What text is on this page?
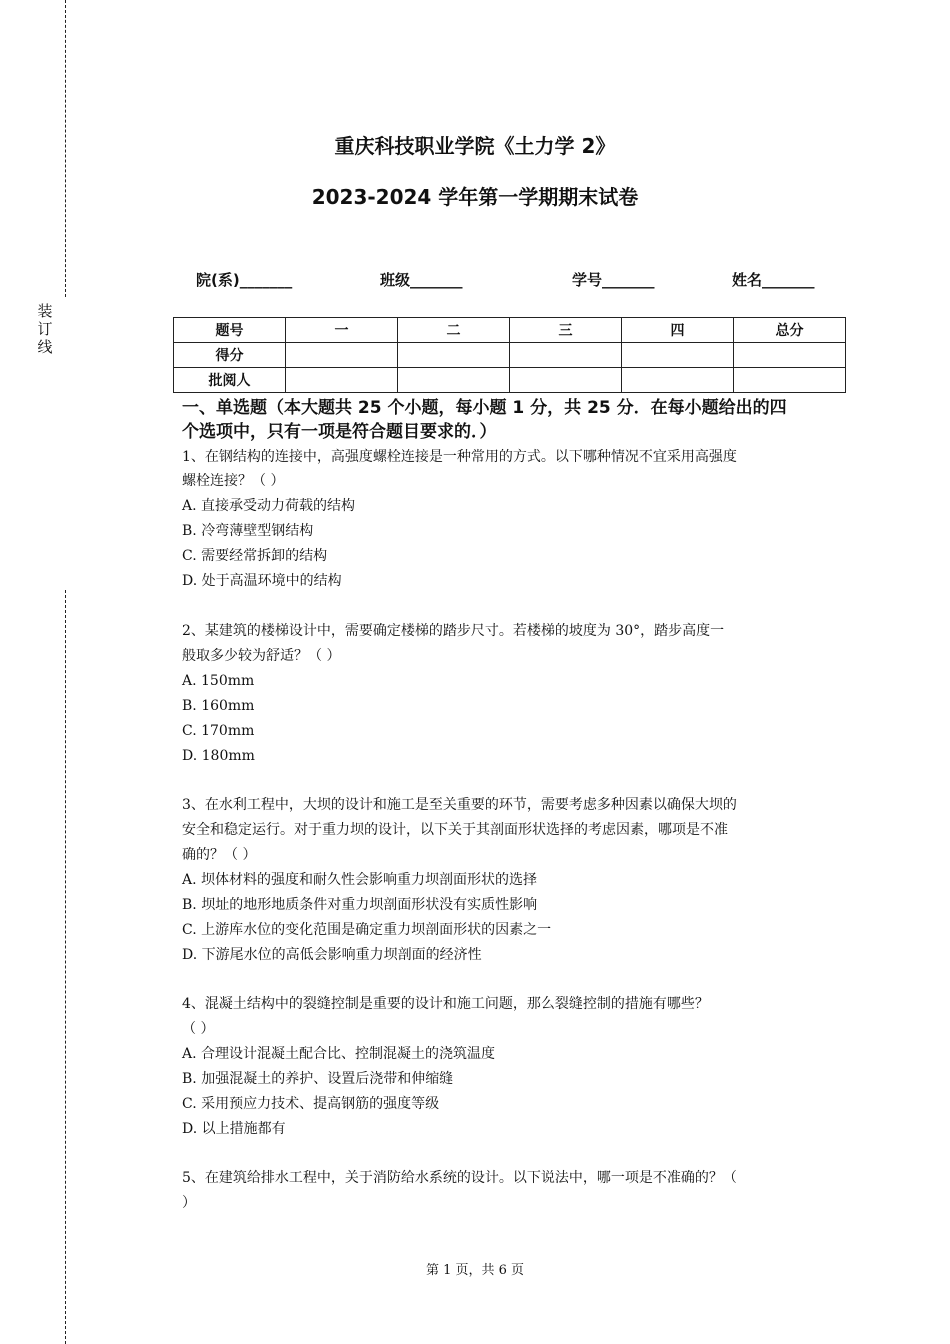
装
订
线
重庆科技职业学院《土力学 2》
2023-2024 学年第一学期期末试卷
院(系)_______	班级_______	学号_______	姓名_______
题号	一	二	三	四	总分
得分					
批阅人					
一、单选题（本大题共 25 个小题，每小题 1 分，共 25 分．在每小题给出的四
个选项中，只有一项是符合题目要求的．）
1、在钢结构的连接中，高强度螺栓连接是一种常用的方式。以下哪种情况不宜采用高强度
螺栓连接？（ ）
A. 直接承受动力荷载的结构
B. 冷弯薄壁型钢结构
C. 需要经常拆卸的结构
D. 处于高温环境中的结构
2、某建筑的楼梯设计中，需要确定楼梯的踏步尺寸。若楼梯的坡度为 30°，踏步高度一
般取多少较为舒适？（ ）
A. 150mm
B. 160mm
C. 170mm
D. 180mm
3、在水利工程中，大坝的设计和施工是至关重要的环节，需要考虑多种因素以确保大坝的
安全和稳定运行。对于重力坝的设计，以下关于其剖面形状选择的考虑因素，哪项是不准
确的？（ ）
A. 坝体材料的强度和耐久性会影响重力坝剖面形状的选择
B. 坝址的地形地质条件对重力坝剖面形状没有实质性影响
C. 上游库水位的变化范围是确定重力坝剖面形状的因素之一
D. 下游尾水位的高低会影响重力坝剖面的经济性
4、混凝土结构中的裂缝控制是重要的设计和施工问题，那么裂缝控制的措施有哪些？
（ ）
A. 合理设计混凝土配合比、控制混凝土的浇筑温度
B. 加强混凝土的养护、设置后浇带和伸缩缝
C. 采用预应力技术、提高钢筋的强度等级
D. 以上措施都有
5、在建筑给排水工程中，关于消防给水系统的设计。以下说法中，哪一项是不准确的？（
）
第 1 页，共 6 页
